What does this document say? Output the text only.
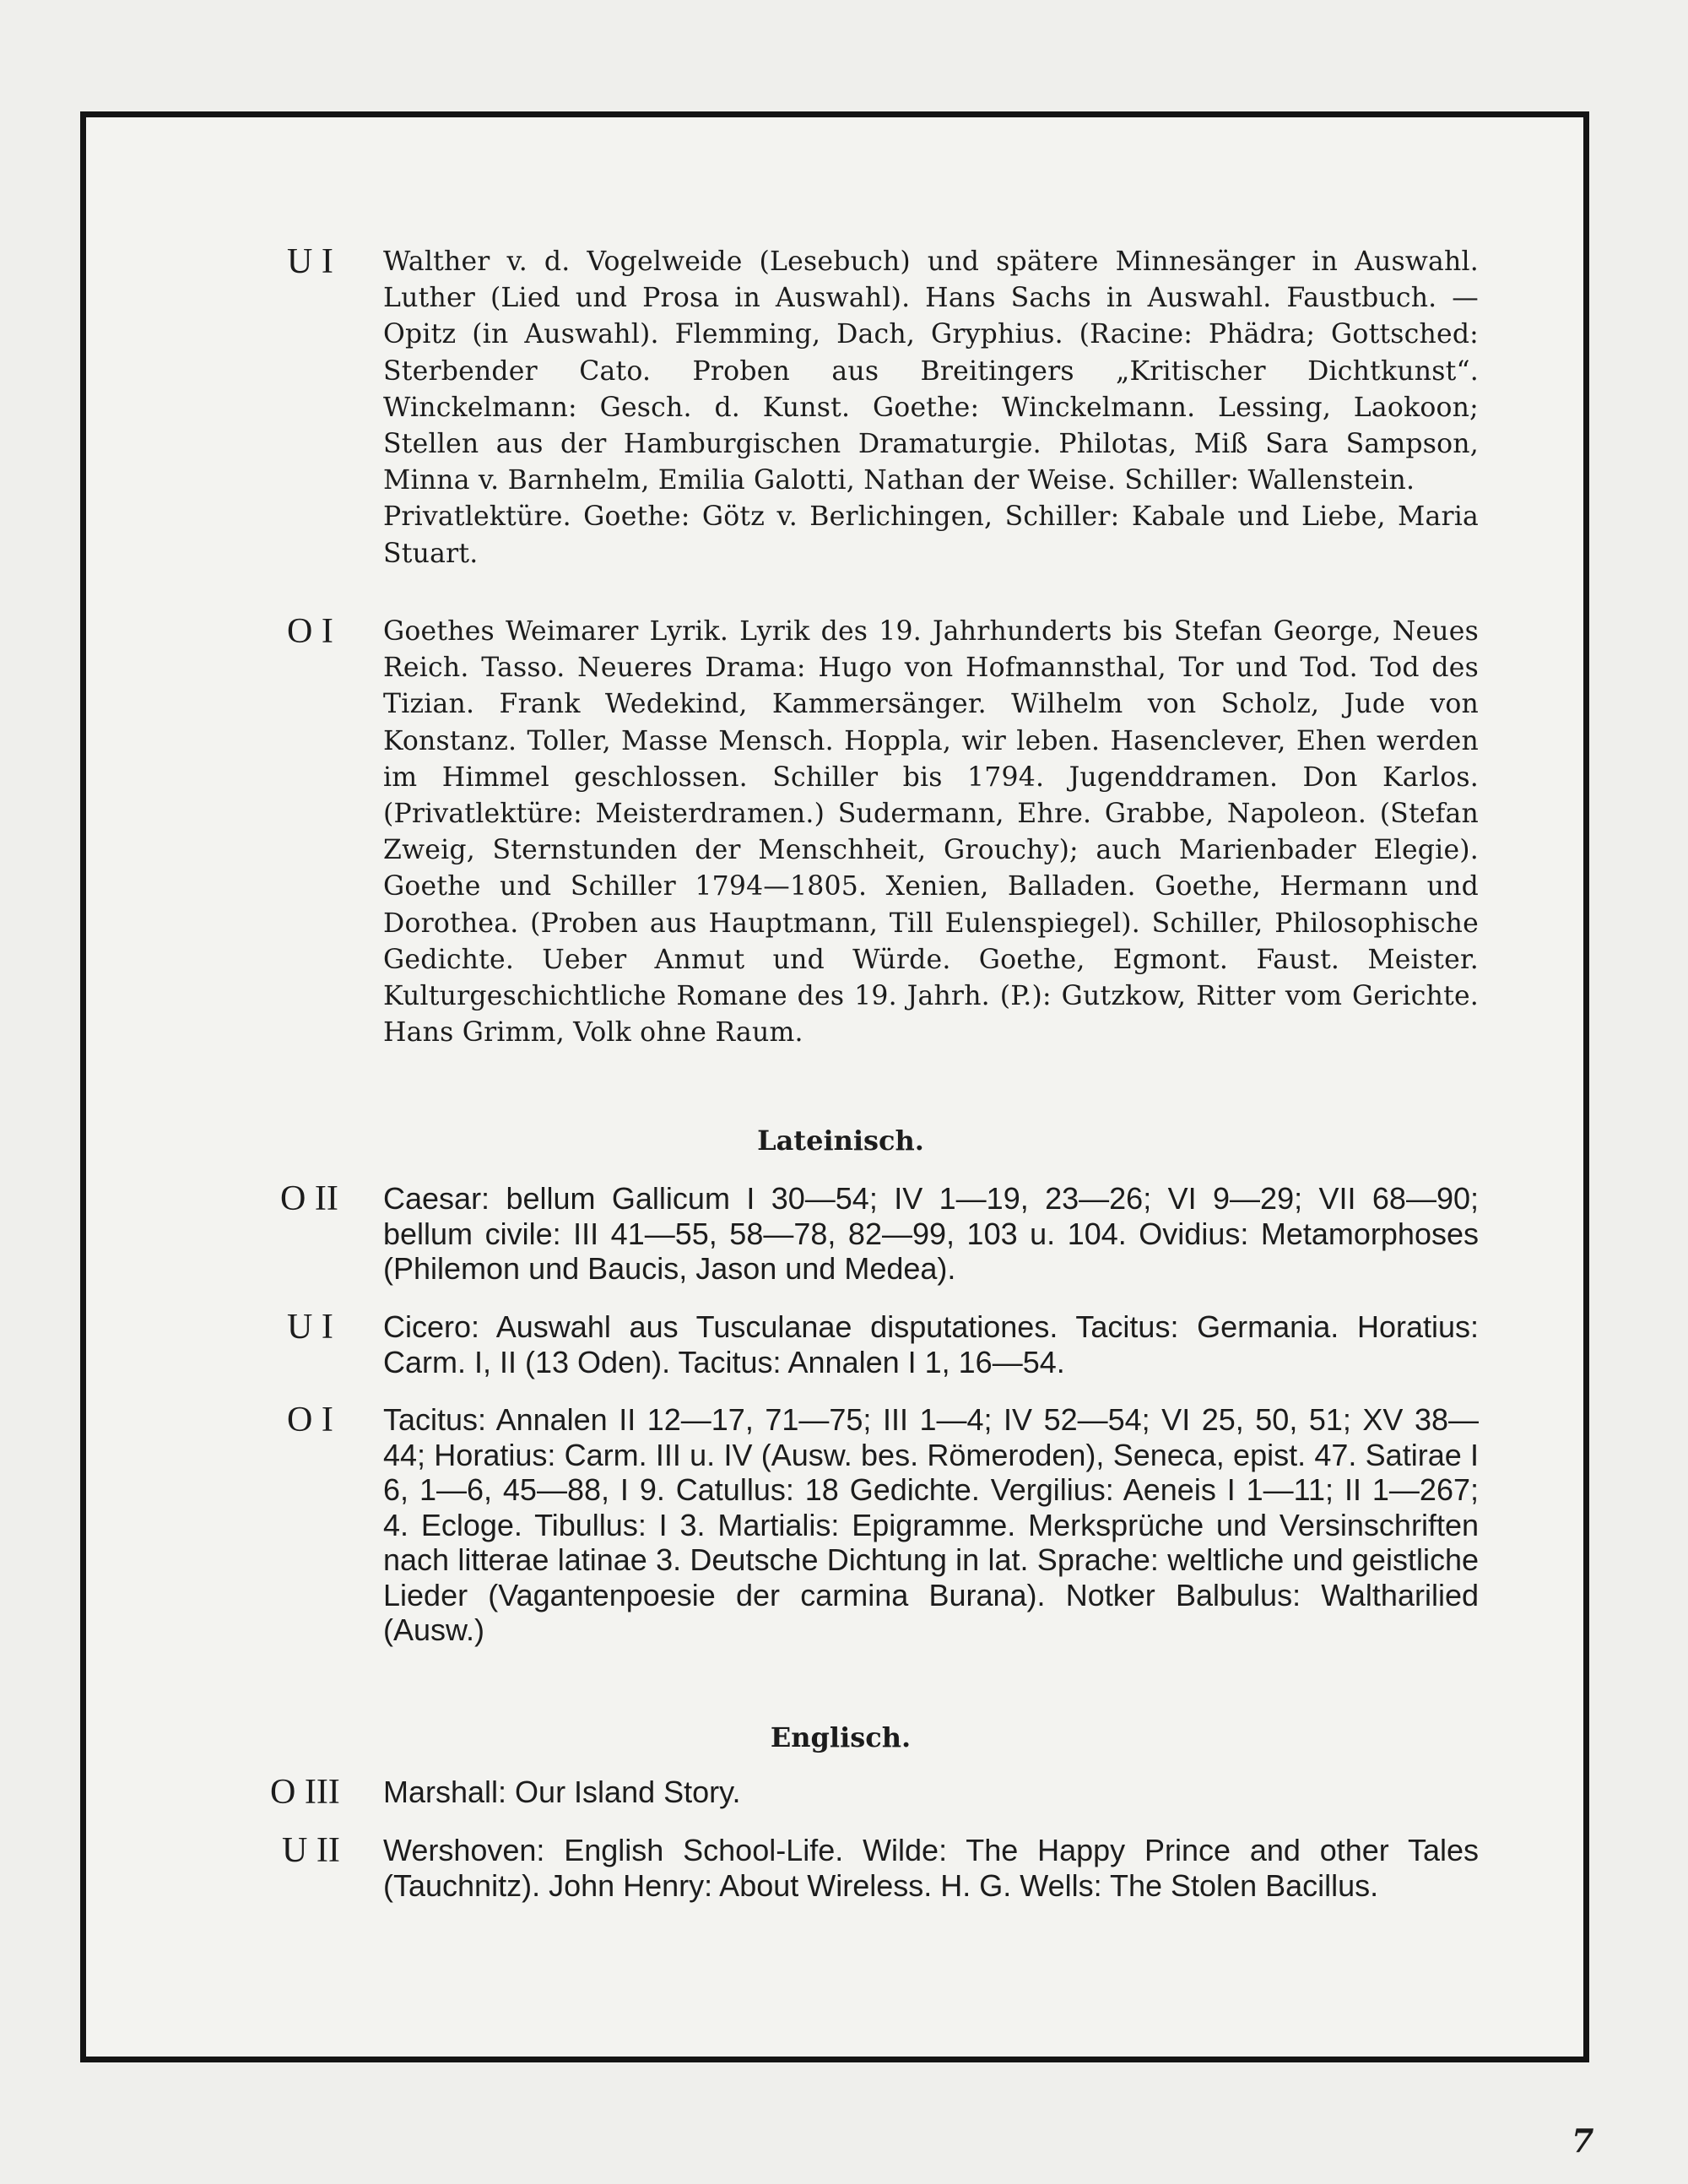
U I Walther v. d. Vogelweide (Lesebuch) und spätere Minnesänger in Auswahl. Luther (Lied und Prosa in Auswahl). Hans Sachs in Auswahl. Faustbuch. — Opitz (in Auswahl). Flemming, Dach, Gryphius. (Racine: Phädra; Gottsched: Sterbender Cato. Proben aus Breitingers „Kritischer Dichtkunst“. Winckelmann: Gesch. d. Kunst. Goethe: Winckelmann. Lessing, Laokoon; Stellen aus der Hamburgischen Dramaturgie. Philotas, Miß Sara Sampson, Minna v. Barnhelm, Emilia Galotti, Nathan der Weise. Schiller: Wallenstein.

Privatlektüre. Goethe: Götz v. Berlichingen, Schiller: Kabale und Liebe, Maria Stuart.

O I Goethes Weimarer Lyrik. Lyrik des 19. Jahrhunderts bis Stefan George, Neues Reich. Tasso. Neueres Drama: Hugo von Hofmannsthal, Tor und Tod. Tod des Tizian. Frank Wedekind, Kammersänger. Wilhelm von Scholz, Jude von Konstanz. Toller, Masse Mensch. Hoppla, wir leben. Hasenclever, Ehen werden im Himmel geschlossen. Schiller bis 1794. Jugenddramen. Don Karlos. (Privatlektüre: Meisterdramen.) Sudermann, Ehre. Grabbe, Napoleon. (Stefan Zweig, Sternstunden der Menschheit, Grouchy); auch Marienbader Elegie). Goethe und Schiller 1794—1805. Xenien, Balladen. Goethe, Hermann und Dorothea. (Proben aus Hauptmann, Till Eulenspiegel). Schiller, Philosophische Gedichte. Ueber Anmut und Würde. Goethe, Egmont. Faust. Meister. Kulturgeschichtliche Romane des 19. Jahrh. (P.): Gutzkow, Ritter vom Gerichte. Hans Grimm, Volk ohne Raum.

Lateinisch.
O II Caesar: bellum Gallicum I 30—54; IV 1—19, 23—26; VI 9—29; VII 68—90; bellum civile: III 41—55, 58—78, 82—99, 103 u. 104. Ovidius: Metamorphoses (Philemon und Baucis, Jason und Medea).
U I Cicero: Auswahl aus Tusculanae disputationes. Tacitus: Germania. Horatius: Carm. I, II (13 Oden). Tacitus: Annalen I 1, 16—54.
O I Tacitus: Annalen II 12—17, 71—75; III 1—4; IV 52—54; VI 25, 50, 51; XV 38—44; Horatius: Carm. III u. IV (Ausw. bes. Römeroden), Seneca, epist. 47. Satirae I 6, 1—6, 45—88, I 9. Catullus: 18 Gedichte. Vergilius: Aeneis I 1—11; II 1—267; 4. Ecloge. Tibullus: I 3. Martialis: Epigramme. Merksprüche und Versinschriften nach litterae latinae 3. Deutsche Dichtung in lat. Sprache: weltliche und geistliche Lieder (Vagantenpoesie der carmina Burana). Notker Balbulus: Waltharilied (Ausw.)
Englisch.
O III Marshall: Our Island Story.
U II Wershoven: English School-Life. Wilde: The Happy Prince and other Tales (Tauchnitz). John Henry: About Wireless. H. G. Wells: The Stolen Bacillus.
7
